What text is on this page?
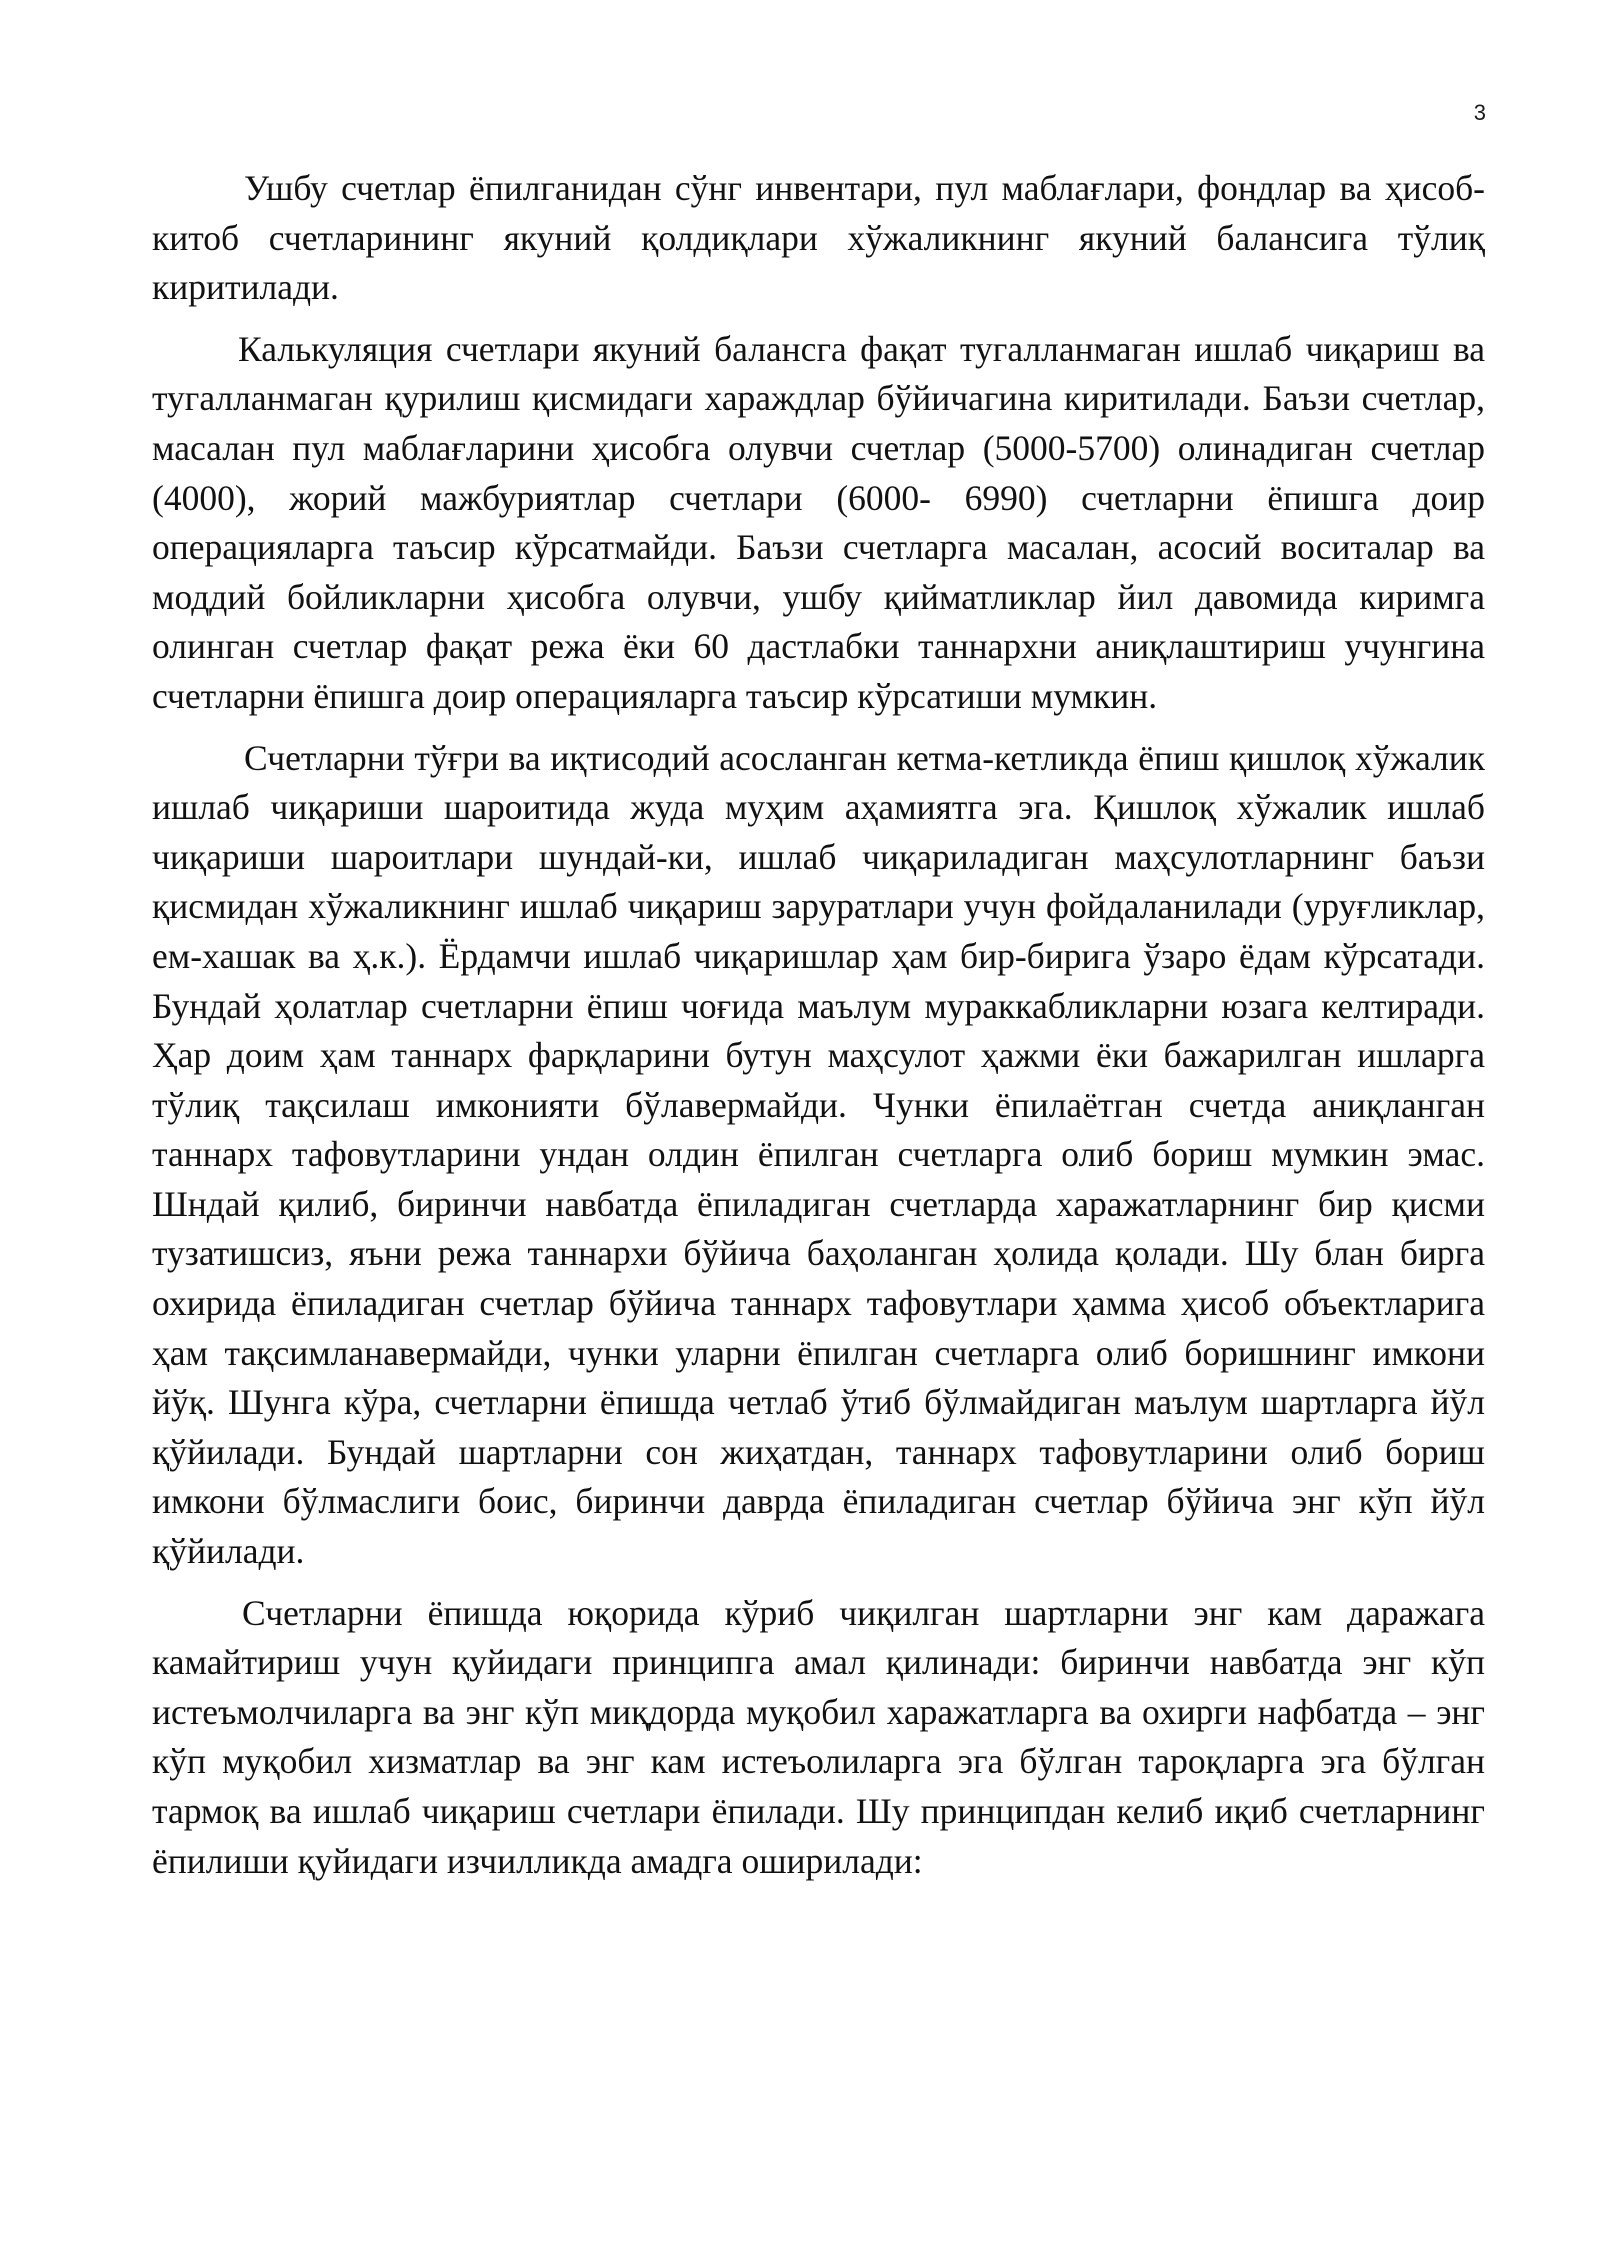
3

Ушбу счетлар ёпилганидан сўнг инвентари, пул маблағлари, фондлар ва ҳисоб-китоб счетларининг якуний қолдиқлари хўжаликнинг якуний балансига тўлиқ киритилади.

Калькуляция счетлари якуний балансга фақат тугалланмаган ишлаб чиқариш ва тугалланмаган қурилиш қисмидаги хараждлар бўйичагина киритилади. Баъзи счетлар, масалан пул маблағларини ҳисобга олувчи счетлар (5000-5700) олинадиган счетлар (4000), жорий мажбуриятлар счетлари (6000- 6990) счетларни ёпишга доир операцияларга таъсир кўрсатмайди. Баъзи счетларга масалан, асосий воситалар ва моддий бойликларни ҳисобга олувчи, ушбу қийматликлар йил давомида киримга олинган счетлар фақат режа ёки 60 дастлабки таннархни аниқлаштириш учунгина счетларни ёпишга доир операцияларга таъсир кўрсатиши мумкин.

Счетларни тўғри ва иқтисодий асосланган кетма-кетликда ёпиш қишлоқ хўжалик ишлаб чиқариши шароитида жуда муҳим аҳамиятга эга. Қишлоқ хўжалик ишлаб чиқариши шароитлари шундай-ки, ишлаб чиқариладиган маҳсулотларнинг баъзи қисмидан хўжаликнинг ишлаб чиқариш заруратлари учун фойдаланилади (уруғликлар, ем-хашак ва ҳ.к.). Ёрдамчи ишлаб чиқаришлар ҳам бир-бирига ўзаро ёдам кўрсатади. Бундай ҳолатлар счетларни ёпиш чоғида маълум мураккабликларни юзага келтиради. Ҳар доим ҳам таннарх фарқларини бутун маҳсулот ҳажми ёки бажарилган ишларга тўлиқ тақсилаш имконияти бўлавермайди. Чунки ёпилаётган счетда аниқланган таннарх тафовутларини ундан олдин ёпилган счетларга олиб бориш мумкин эмас. Шндай қилиб, биринчи навбатда ёпиладиган счетларда харажатларнинг бир қисми тузатишсиз, яъни режа таннархи бўйича баҳоланган ҳолида қолади. Шу блан бирга охирида ёпиладиган счетлар бўйича таннарх тафовутлари ҳамма ҳисоб объектларига ҳам тақсимланавермайди, чунки уларни ёпилган счетларга олиб боришнинг имкони йўқ. Шунга кўра, счетларни ёпишда четлаб ўтиб бўлмайдиган маълум шартларга йўл қўйилади. Бундай шартларни сон жиҳатдан, таннарх тафовутларини олиб бориш имкони бўлмаслиги боис, биринчи даврда ёпиладиган счетлар бўйича энг кўп йўл қўйилади.

Счетларни ёпишда юқорида кўриб чиқилган шартларни энг кам даражага камайтириш учун қуйидаги принципга амал қилинади: биринчи навбатда энг кўп истеъмолчиларга ва энг кўп миқдорда муқобил харажатларга ва охирги нафбатда – энг кўп муқобил хизматлар ва энг кам истеъолиларга эга бўлган тароқларга эга бўлган тармоқ ва ишлаб чиқариш счетлари ёпилади. Шу принципдан келиб иқиб счетларнинг ёпилиши қуйидаги изчилликда амадга оширилади:
